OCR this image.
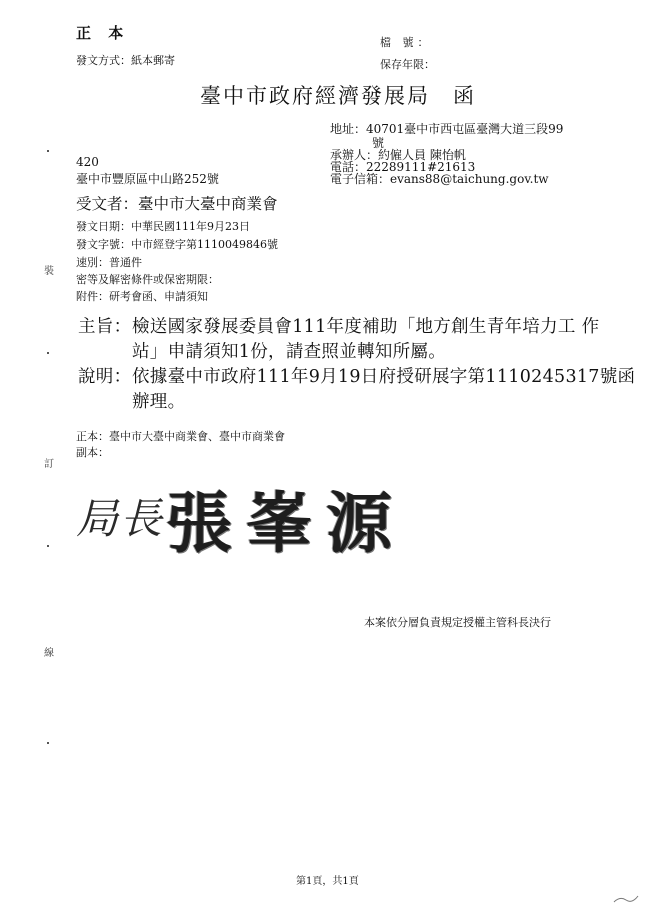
正 本
發文方式：紙本郵寄
檔 號：
保存年限：
臺中市政府經濟發展局　函
地址：40701臺中市西屯區臺灣大道三段99
號
承辦人：約僱人員 陳怡帆
電話：22289111#21613
電子信箱：evans88@taichung.gov.tw
420
臺中市豐原區中山路252號
受文者：臺中市大臺中商業會
發文日期：中華民國111年9月23日
發文字號：中市經登字第1110049846號
速別：普通件
密等及解密條件或保密期限：
附件：研考會函、申請須知
主旨： 檢送國家發展委員會111年度補助「地方創生青年培力工 作
站」申請須知1份，請查照並轉知所屬。
說明： 依據臺中市政府111年9月19日府授研展字第1110245317號函
辦理。
正本：臺中市大臺中商業會、臺中市商業會
副本：
局長 張峯源
本案依分層負責規定授權主管科長決行
裝
訂
線
第1頁，共1頁
